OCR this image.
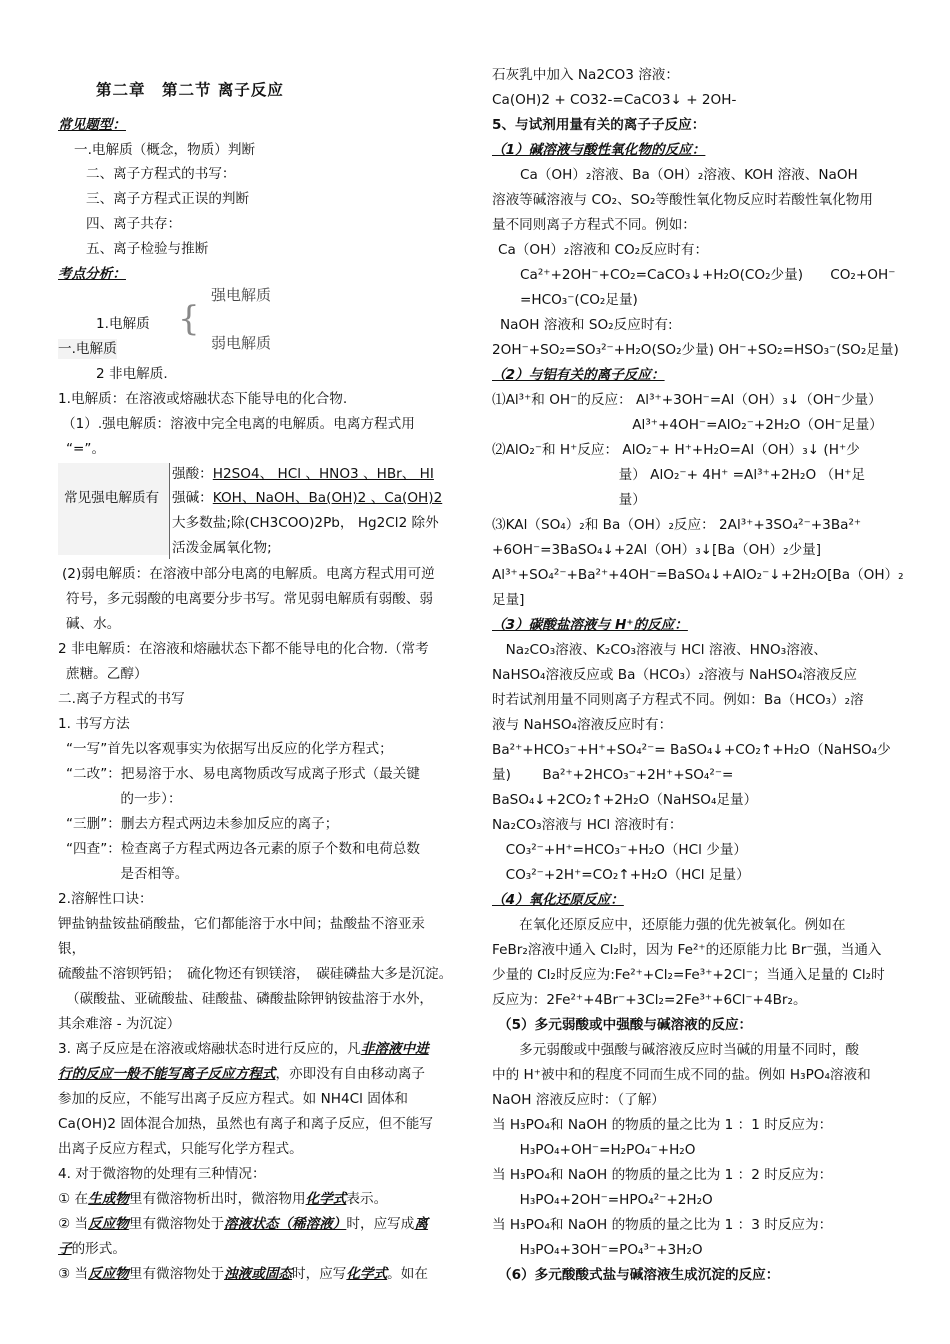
第二章　第二节 离子反应
常见题型：
一.电解质（概念，物质）判断
二、离子方程式的书写：
三、离子方程式正误的判断
四、离子共存：
五、离子检验与推断
考点分析：
强电解质
{
1.电解质
一.电解质	弱电解质
2 非电解质.
1.电解质：在溶液或熔融状态下能导电的化合物.
（1）.强电解质：溶液中完全电离的电解质。电离方程式用
“=”。
常见强电解质有
强酸：H2SO4、 HCl 、HNO3 、HBr、 HI
强碱：KOH、NaOH、Ba(OH)2 、Ca(OH)2
大多数盐;除(CH3COO)2Pb， Hg2Cl2 除外
活泼金属氧化物;
(2)弱电解质：在溶液中部分电离的电解质。电离方程式用可逆
符号，多元弱酸的电离要分步书写。常见弱电解质有弱酸、弱
碱、水。
2 非电解质：在溶液和熔融状态下都不能导电的化合物.（常考
蔗糖。乙醇）
二.离子方程式的书写
1. 书写方法
“一写”首先以客观事实为依据写出反应的化学方程式；
“二改”：把易溶于水、易电离物质改写成离子形式（最关键
　　　　的一步）：
“三删”：删去方程式两边未参加反应的离子；
“四查”：检查离子方程式两边各元素的原子个数和电荷总数
　　　　是否相等。
2.溶解性口诀：
钾盐钠盐铵盐硝酸盐，它们都能溶于水中间；盐酸盐不溶亚汞
银，
硫酸盐不溶钡钙铅；　硫化物还有钡镁溶，　碳硅磷盐大多是沉淀。
（碳酸盐、亚硫酸盐、硅酸盐、磷酸盐除钾钠铵盐溶于水外，
其余难溶 - 为沉淀）
3. 离子反应是在溶液或熔融状态时进行反应的，凡非溶液中进
行的反应一般不能写离子反应方程式，亦即没有自由移动离子
参加的反应，不能写出离子反应方程式。如 NH4Cl 固体和
Ca(OH)2 固体混合加热，虽然也有离子和离子反应，但不能写
出离子反应方程式，只能写化学方程式。
4. 对于微溶物的处理有三种情况：
① 在生成物里有微溶物析出时，微溶物用化学式表示。
② 当反应物里有微溶物处于溶液状态（稀溶液）时，应写成离
子的形式。
③ 当反应物里有微溶物处于浊液或固态时，应写化学式。如在
石灰乳中加入 Na2CO3 溶液：
Ca(OH)2 + CO32-=CaCO3↓ + 2OH-
5、与试剂用量有关的离子子反应：
（1）碱溶液与酸性氧化物的反应：
Ca（OH）₂溶液、Ba（OH）₂溶液、KOH 溶液、NaOH
溶液等碱溶液与 CO₂、SO₂等酸性氧化物反应时若酸性氧化物用
量不同则离子方程式不同。例如：
Ca（OH）₂溶液和 CO₂反应时有：
Ca²⁺+2OH⁻+CO₂=CaCO₃↓+H₂O(CO₂少量)　　CO₂+OH⁻
=HCO₃⁻(CO₂足量)
NaOH 溶液和 SO₂反应时有:
2OH⁻+SO₂=SO₃²⁻+H₂O(SO₂少量) OH⁻+SO₂=HSO₃⁻(SO₂足量)
（2）与铝有关的离子反应：
⑴Al³⁺和 OH⁻的反应： Al³⁺+3OH⁻=Al（OH）₃↓（OH⁻少量）
　　　　　　　　　　 Al³⁺+4OH⁻=AlO₂⁻+2H₂O（OH⁻足量）
⑵AlO₂⁻和 H⁺反应： AlO₂⁻+ H⁺+H₂O=Al（OH）₃↓ (H⁺少
　　　　　　　　　 量） AlO₂⁻+ 4H⁺ =Al³⁺+2H₂O （H⁺足
　　　　　　　　　 量）
⑶KAl（SO₄）₂和 Ba（OH）₂反应： 2Al³⁺+3SO₄²⁻+3Ba²⁺
+6OH⁻=3BaSO₄↓+2Al（OH）₃↓[Ba（OH）₂少量]
Al³⁺+SO₄²⁻+Ba²⁺+4OH⁻=BaSO₄↓+AlO₂⁻↓+2H₂O[Ba（OH）₂
足量]
（3）碳酸盐溶液与 H⁺的反应：
　Na₂CO₃溶液、K₂CO₃溶液与 HCl 溶液、HNO₃溶液、
NaHSO₄溶液反应或 Ba（HCO₃）₂溶液与 NaHSO₄溶液反应
时若试剂用量不同则离子方程式不同。例如：Ba（HCO₃）₂溶
液与 NaHSO₄溶液反应时有：
Ba²⁺+HCO₃⁻+H⁺+SO₄²⁻= BaSO₄↓+CO₂↑+H₂O（NaHSO₄少
量)　　 Ba²⁺+2HCO₃⁻+2H⁺+SO₄²⁻=
BaSO₄↓+2CO₂↑+2H₂O（NaHSO₄足量）
Na₂CO₃溶液与 HCl 溶液时有：
　CO₃²⁻+H⁺=HCO₃⁻+H₂O（HCl 少量）
　CO₃²⁻+2H⁺=CO₂↑+H₂O（HCl 足量）
（4）氧化还原反应：
　　在氧化还原反应中，还原能力强的优先被氧化。例如在
FeBr₂溶液中通入 Cl₂时，因为 Fe²⁺的还原能力比 Br⁻强，当通入
少量的 Cl₂时反应为:Fe²⁺+Cl₂=Fe³⁺+2Cl⁻；当通入足量的 Cl₂时
反应为：2Fe²⁺+4Br⁻+3Cl₂=2Fe³⁺+6Cl⁻+4Br₂。
（5）多元弱酸或中强酸与碱溶液的反应：
　　多元弱酸或中强酸与碱溶液反应时当碱的用量不同时，酸
中的 H⁺被中和的程度不同而生成不同的盐。例如 H₃PO₄溶液和
NaOH 溶液反应时：（了解）
当 H₃PO₄和 NaOH 的物质的量之比为 1 ：1 时反应为：
　H₃PO₄+OH⁻=H₂PO₄⁻+H₂O
当 H₃PO₄和 NaOH 的物质的量之比为 1 ：2 时反应为：
　H₃PO₄+2OH⁻=HPO₄²⁻+2H₂O
当 H₃PO₄和 NaOH 的物质的量之比为 1 ：3 时反应为：
　H₃PO₄+3OH⁻=PO₄³⁻+3H₂O
（6）多元酸酸式盐与碱溶液生成沉淀的反应：
